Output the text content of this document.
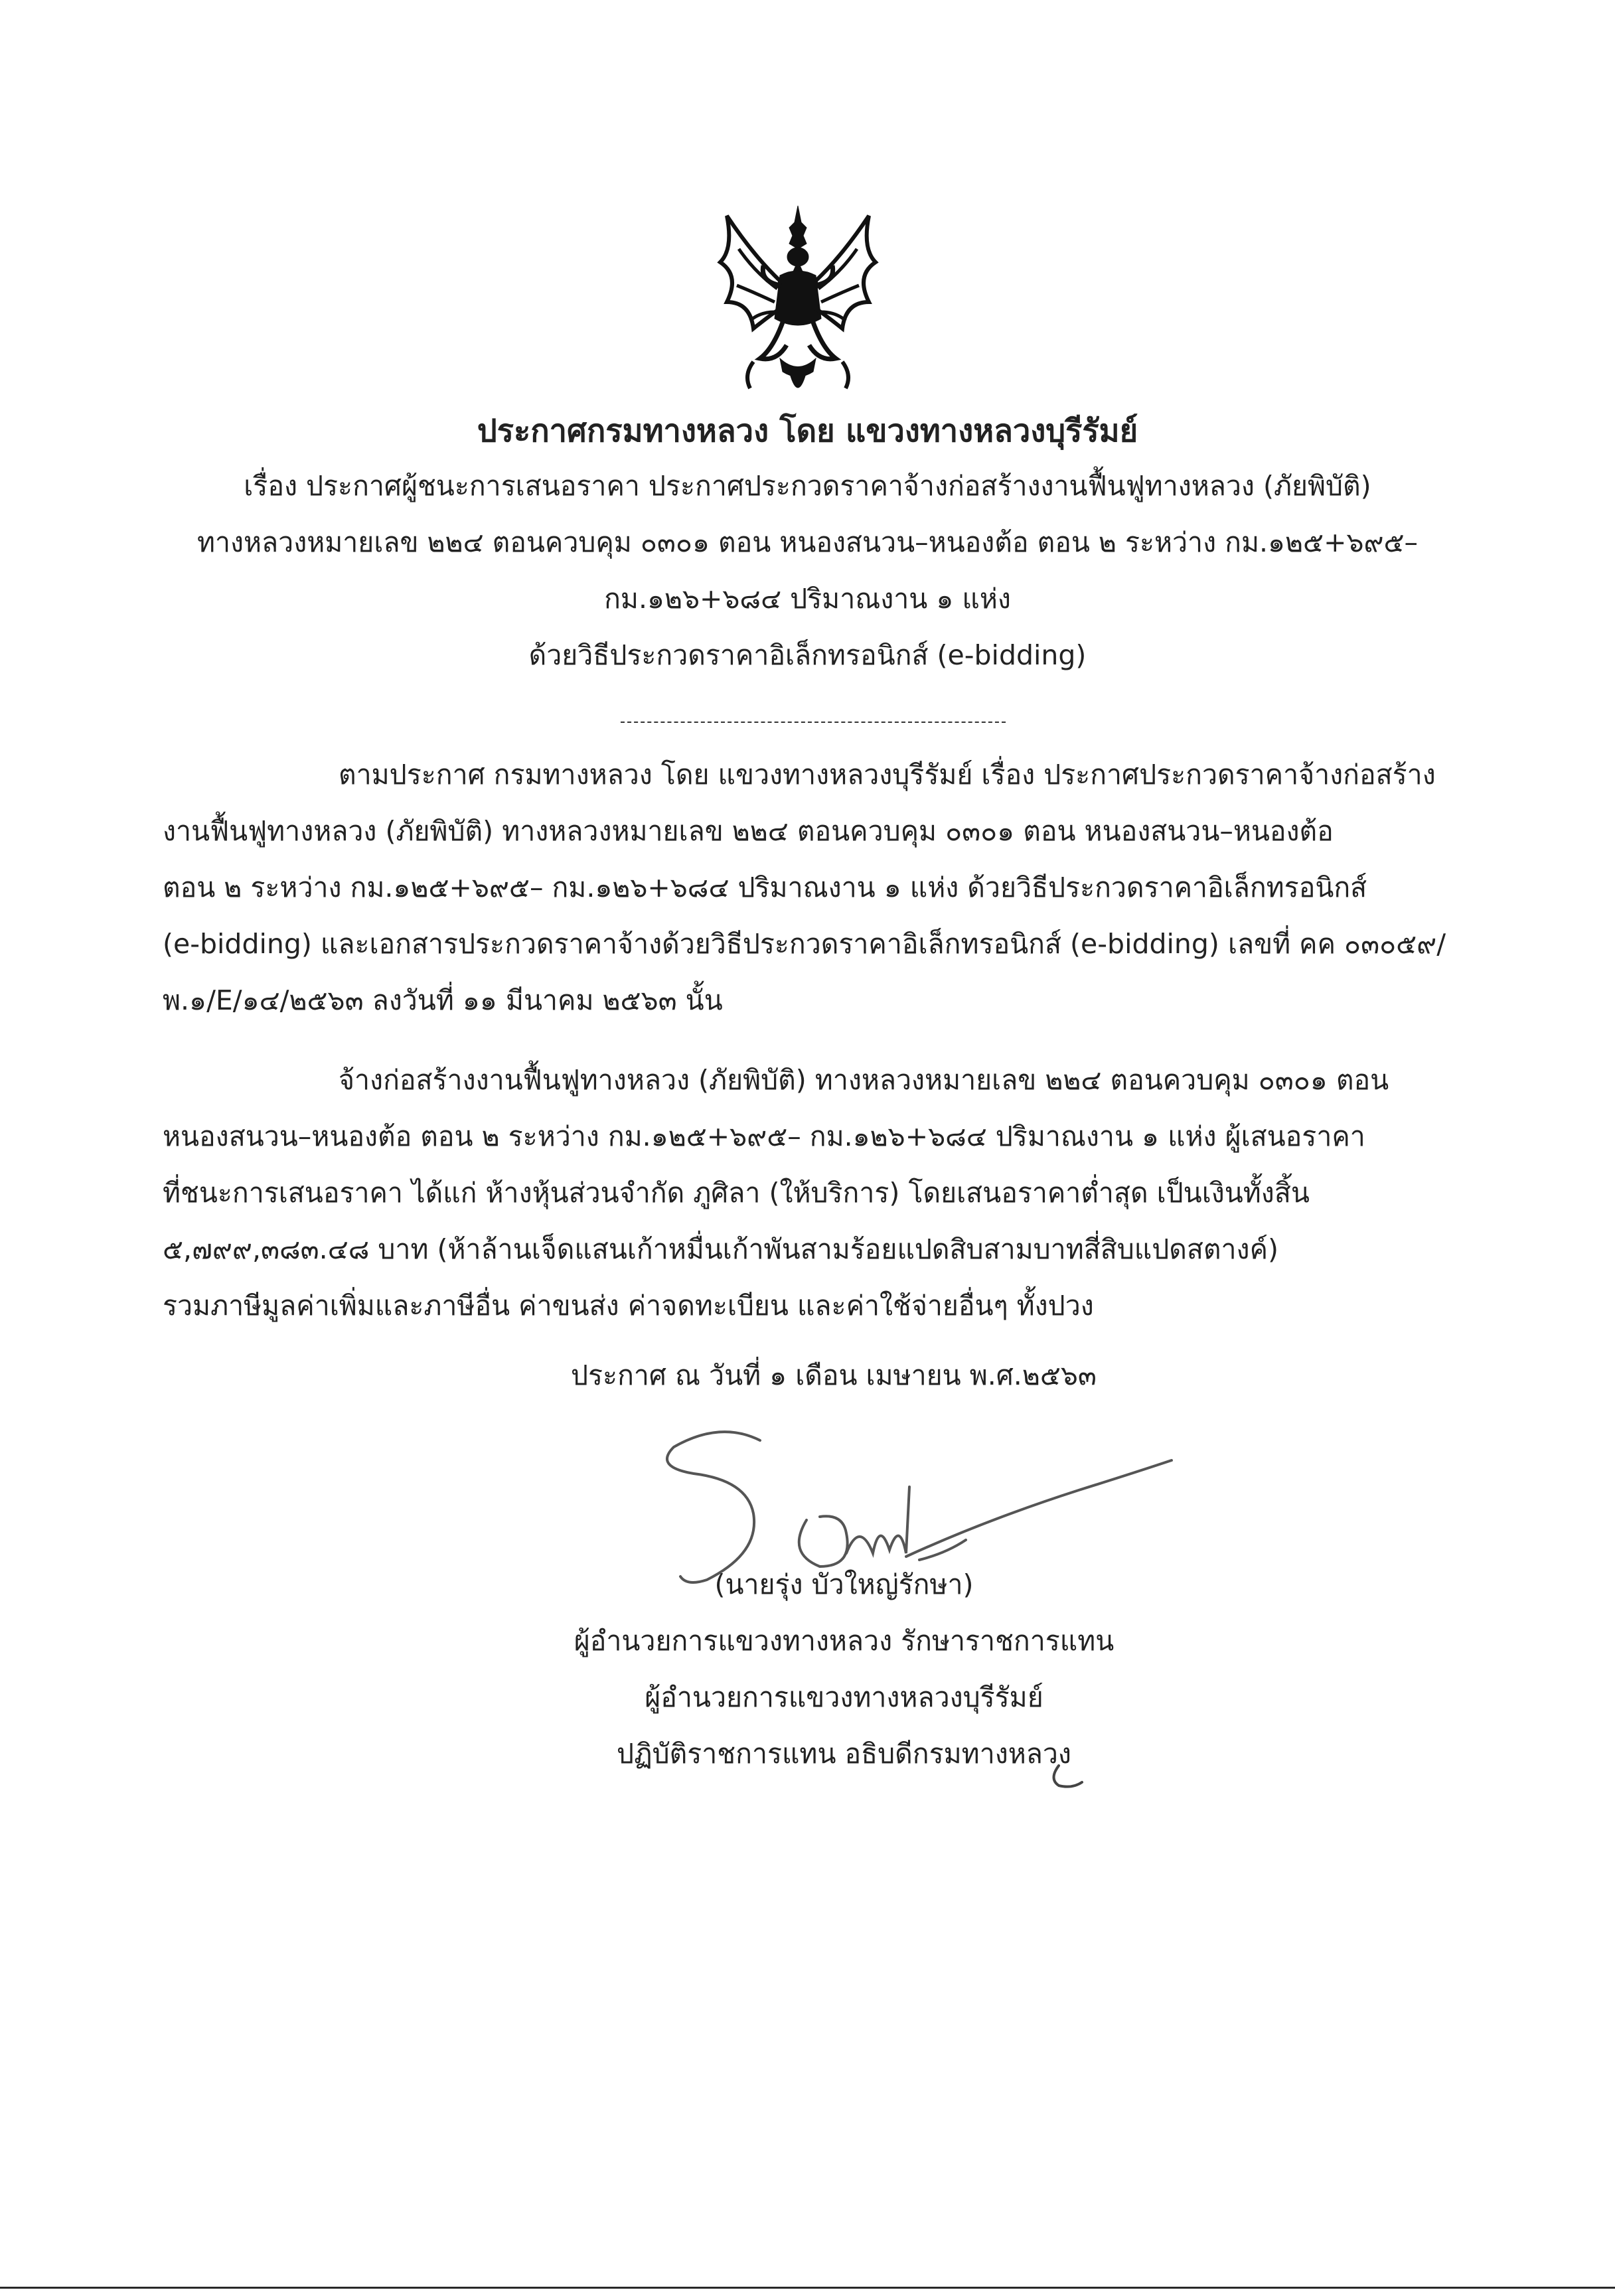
ประกาศกรมทางหลวง โดย แขวงทางหลวงบุรีรัมย์

เรื่อง ประกาศผู้ชนะการเสนอราคา ประกาศประกวดราคาจ้างก่อสร้างงานฟื้นฟูทางหลวง (ภัยพิบัติ)

ทางหลวงหมายเลข ๒๒๔ ตอนควบคุม ๐๓๐๑ ตอน หนองสนวน–หนองต้อ ตอน ๒ ระหว่าง กม.๑๒๕+๖๙๕–

กม.๑๒๖+๖๘๔ ปริมาณงาน ๑ แห่ง

ด้วยวิธีประกวดราคาอิเล็กทรอนิกส์ (e-bidding)

ตามประกาศ กรมทางหลวง โดย แขวงทางหลวงบุรีรัมย์ เรื่อง ประกาศประกวดราคาจ้างก่อสร้าง

งานฟื้นฟูทางหลวง (ภัยพิบัติ) ทางหลวงหมายเลข ๒๒๔ ตอนควบคุม ๐๓๐๑ ตอน หนองสนวน–หนองต้อ

ตอน ๒ ระหว่าง กม.๑๒๕+๖๙๕– กม.๑๒๖+๖๘๔ ปริมาณงาน ๑ แห่ง ด้วยวิธีประกวดราคาอิเล็กทรอนิกส์

(e-bidding) และเอกสารประกวดราคาจ้างด้วยวิธีประกวดราคาอิเล็กทรอนิกส์ (e-bidding) เลขที่ คค ๐๓๐๕๙/

พ.๑/E/๑๔/๒๕๖๓ ลงวันที่ ๑๑ มีนาคม ๒๕๖๓ นั้น

จ้างก่อสร้างงานฟื้นฟูทางหลวง (ภัยพิบัติ) ทางหลวงหมายเลข ๒๒๔ ตอนควบคุม ๐๓๐๑ ตอน

หนองสนวน–หนองต้อ ตอน ๒ ระหว่าง กม.๑๒๕+๖๙๕– กม.๑๒๖+๖๘๔ ปริมาณงาน ๑ แห่ง ผู้เสนอราคา

ที่ชนะการเสนอราคา ได้แก่ ห้างหุ้นส่วนจำกัด ภูศิลา (ให้บริการ) โดยเสนอราคาต่ำสุด เป็นเงินทั้งสิ้น

๕,๗๙๙,๓๘๓.๔๘ บาท (ห้าล้านเจ็ดแสนเก้าหมื่นเก้าพันสามร้อยแปดสิบสามบาทสี่สิบแปดสตางค์)

รวมภาษีมูลค่าเพิ่มและภาษีอื่น ค่าขนส่ง ค่าจดทะเบียน และค่าใช้จ่ายอื่นๆ ทั้งปวง

ประกาศ ณ วันที่ ๑ เดือน เมษายน พ.ศ.๒๕๖๓

(นายรุ่ง บัวใหญ่รักษา)

ผู้อำนวยการแขวงทางหลวง รักษาราชการแทน

ผู้อำนวยการแขวงทางหลวงบุรีรัมย์

ปฏิบัติราชการแทน อธิบดีกรมทางหลวง
